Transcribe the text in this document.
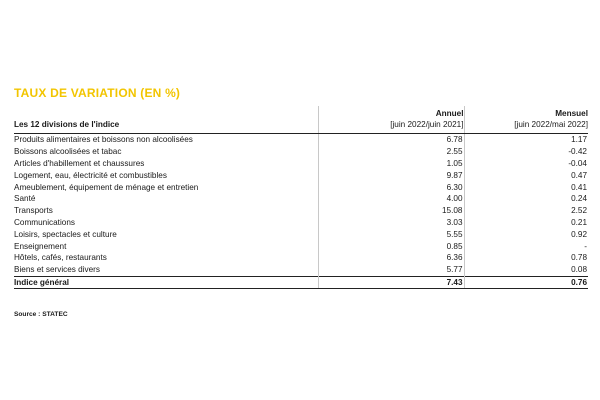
TAUX DE VARIATION (EN %)
	Annuel	Mensuel
Les 12 divisions de l'indice	[juin 2022/juin 2021]	[juin 2022/mai 2022]
Produits alimentaires et boissons non alcoolisées	6.78	1.17
Boissons alcoolisées et tabac	2.55	-0.42
Articles d'habillement et chaussures	1.05	-0.04
Logement, eau, électricité et combustibles	9.87	0.47
Ameublement, équipement de ménage et entretien	6.30	0.41
Santé	4.00	0.24
Transports	15.08	2.52
Communications	3.03	0.21
Loisirs, spectacles et culture	5.55	0.92
Enseignement	0.85	-
Hôtels, cafés, restaurants	6.36	0.78
Biens et services divers	5.77	0.08
Indice général	7.43	0.76
Source : STATEC
